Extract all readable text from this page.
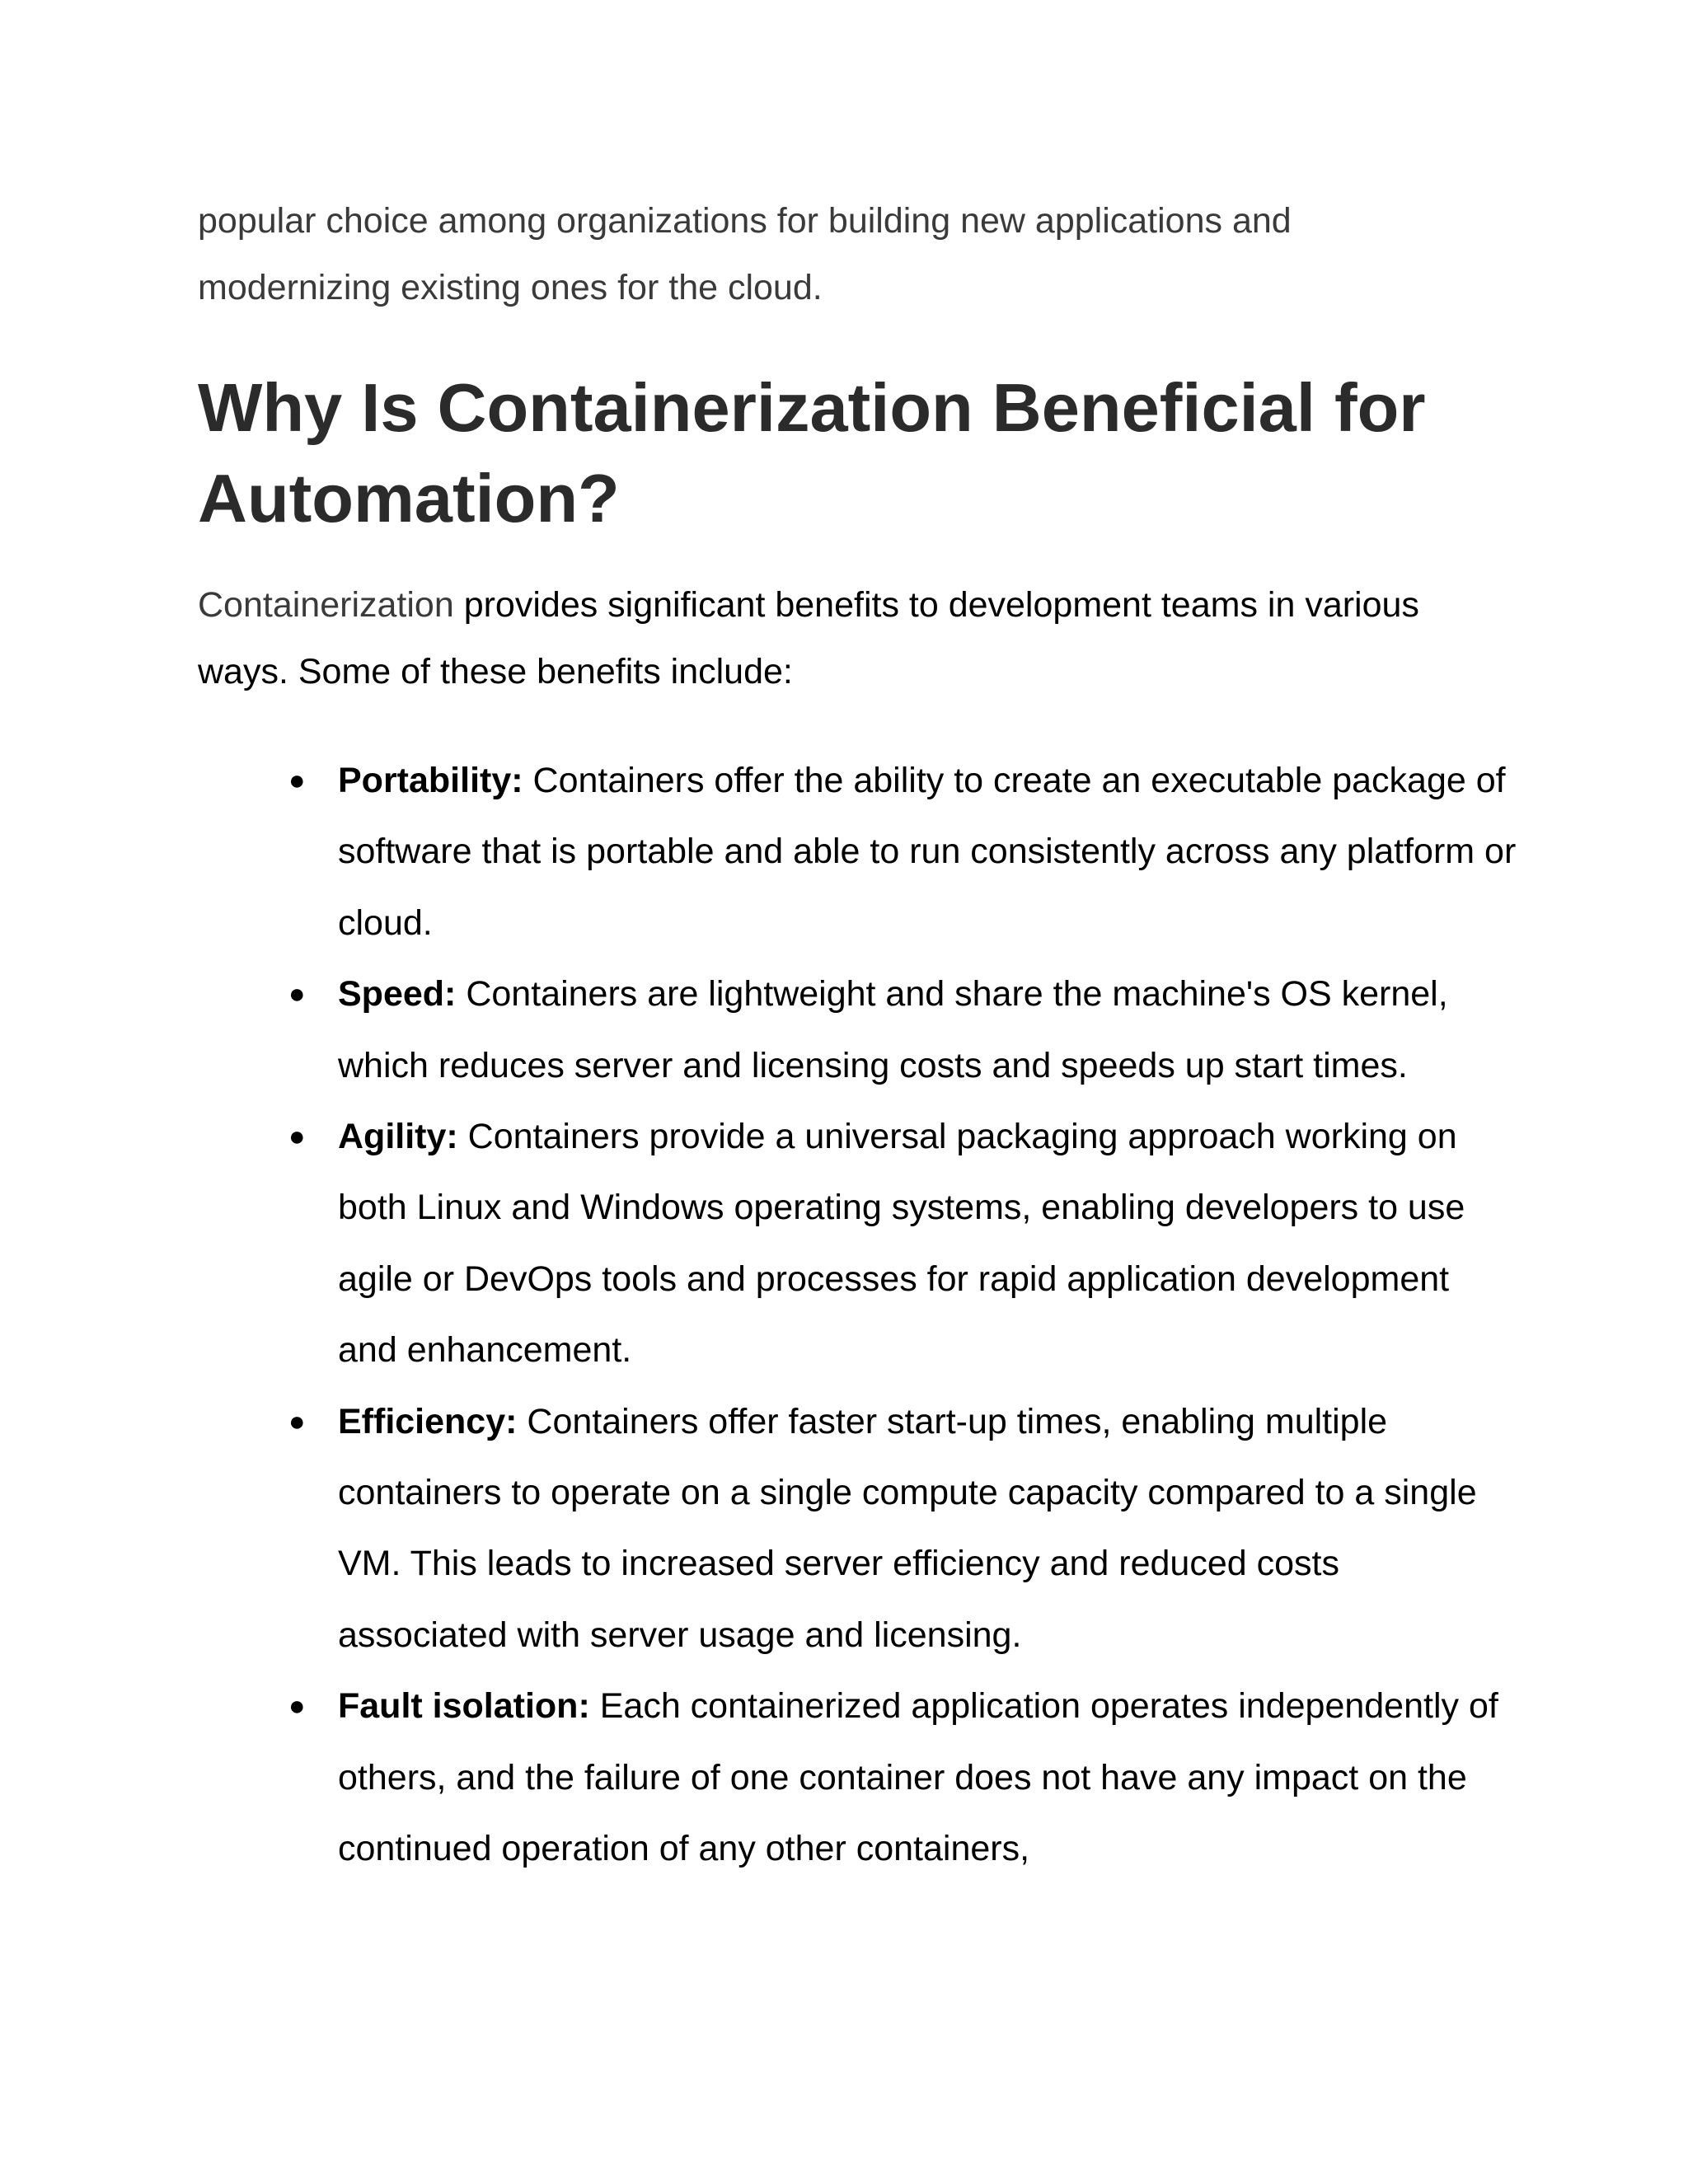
popular choice among organizations for building new applications and modernizing existing ones for the cloud.

Why Is Containerization Beneficial for Automation?

Containerization provides significant benefits to development teams in various ways. Some of these benefits include:

● Portability: Containers offer the ability to create an executable package of software that is portable and able to run consistently across any platform or cloud.
● Speed: Containers are lightweight and share the machine's OS kernel, which reduces server and licensing costs and speeds up start times.
● Agility: Containers provide a universal packaging approach working on both Linux and Windows operating systems, enabling developers to use agile or DevOps tools and processes for rapid application development and enhancement.
● Efficiency: Containers offer faster start-up times, enabling multiple containers to operate on a single compute capacity compared to a single VM. This leads to increased server efficiency and reduced costs associated with server usage and licensing.
● Fault isolation: Each containerized application operates independently of others, and the failure of one container does not have any impact on the continued operation of any other containers,
